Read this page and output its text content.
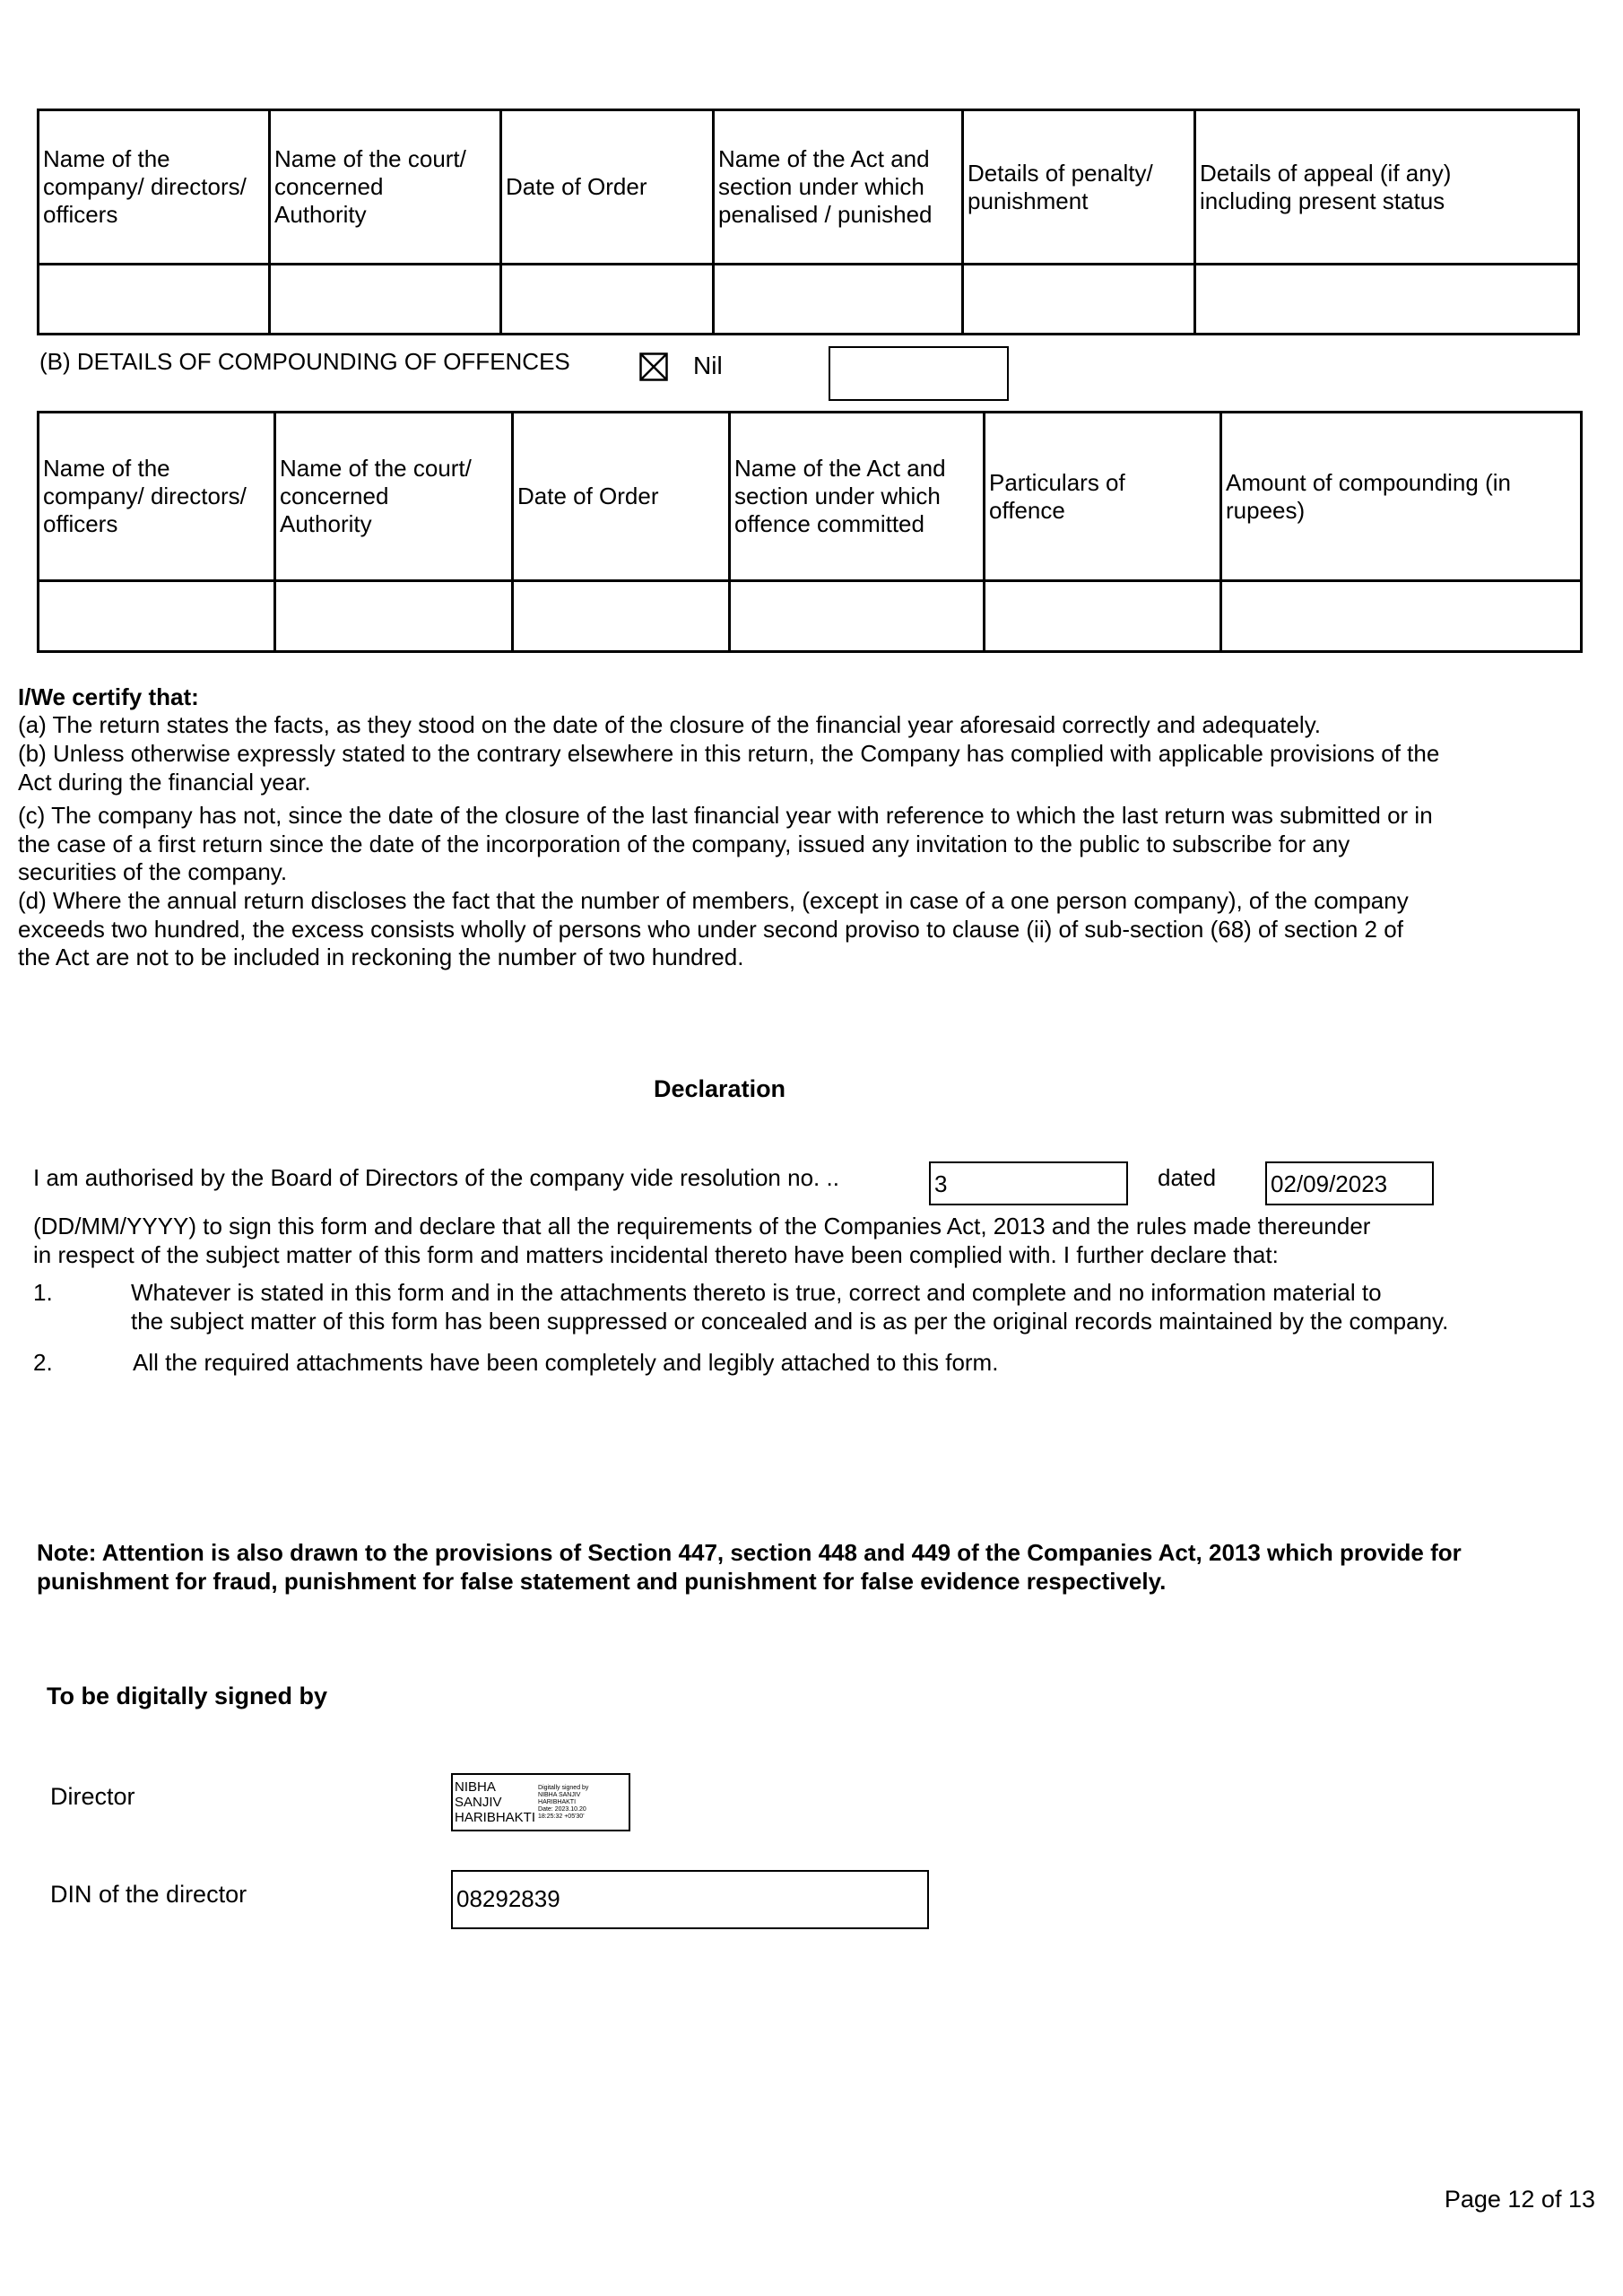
Name of the
company/ directors/
officers	Name of the court/
concerned
Authority	Date of Order	Name of the Act and
section under which
penalised / punished	Details of penalty/
punishment	Details of appeal (if any)
including present status

(B) DETAILS OF COMPOUNDING OF OFFENCES	Nil
Name of the
company/ directors/
officers	Name of the court/
concerned
Authority	Date of Order	Name of the Act and
section under which
offence committed	Particulars of
offence	Amount of compounding (in
rupees)

I/We certify that:
(a) The return states the facts, as they stood on the date of the closure of the financial year aforesaid correctly and adequately.
(b) Unless otherwise expressly stated to the contrary elsewhere in this return, the Company has complied with applicable provisions of the
Act during the financial year.
(c) The company has not, since the date of the closure of the last financial year with reference to which the last return was submitted or in
the case of a first return since the date of the incorporation of the company, issued any invitation to the public to subscribe for any
securities of the company.
(d) Where the annual return discloses the fact that the number of members, (except in case of a one person company), of the company
exceeds two hundred, the excess consists wholly of persons who under second proviso to clause (ii) of sub-section (68) of section 2 of
the Act are not to be included in reckoning the number of two hundred.
Declaration
I am authorised by the Board of Directors of the company vide resolution no. ..	3	dated 02/09/2023
(DD/MM/YYYY) to sign this form and declare that all the requirements of the Companies Act, 2013 and the rules made thereunder
in respect of the subject matter of this form and matters incidental thereto have been complied with. I further declare that:
1.	Whatever is stated in this form and in the attachments thereto is true, correct and complete and no information material to
the subject matter of this form has been suppressed or concealed and is as per the original records maintained by the company.
2.	All the required attachments have been completely and legibly attached to this form.
Note: Attention is also drawn to the provisions of Section 447, section 448 and 449 of the Companies Act, 2013 which provide for
punishment for fraud, punishment for false statement and punishment for false evidence respectively.
To be digitally signed by
Director	NIBHA
SANJIV
HARIBHAKTI
Digitally signed by
NIBHA SANJIV
HARIBHAKTI
Date: 2023.10.20
18:25:32 +05'30'
DIN of the director	08292839
Page 12 of 13
